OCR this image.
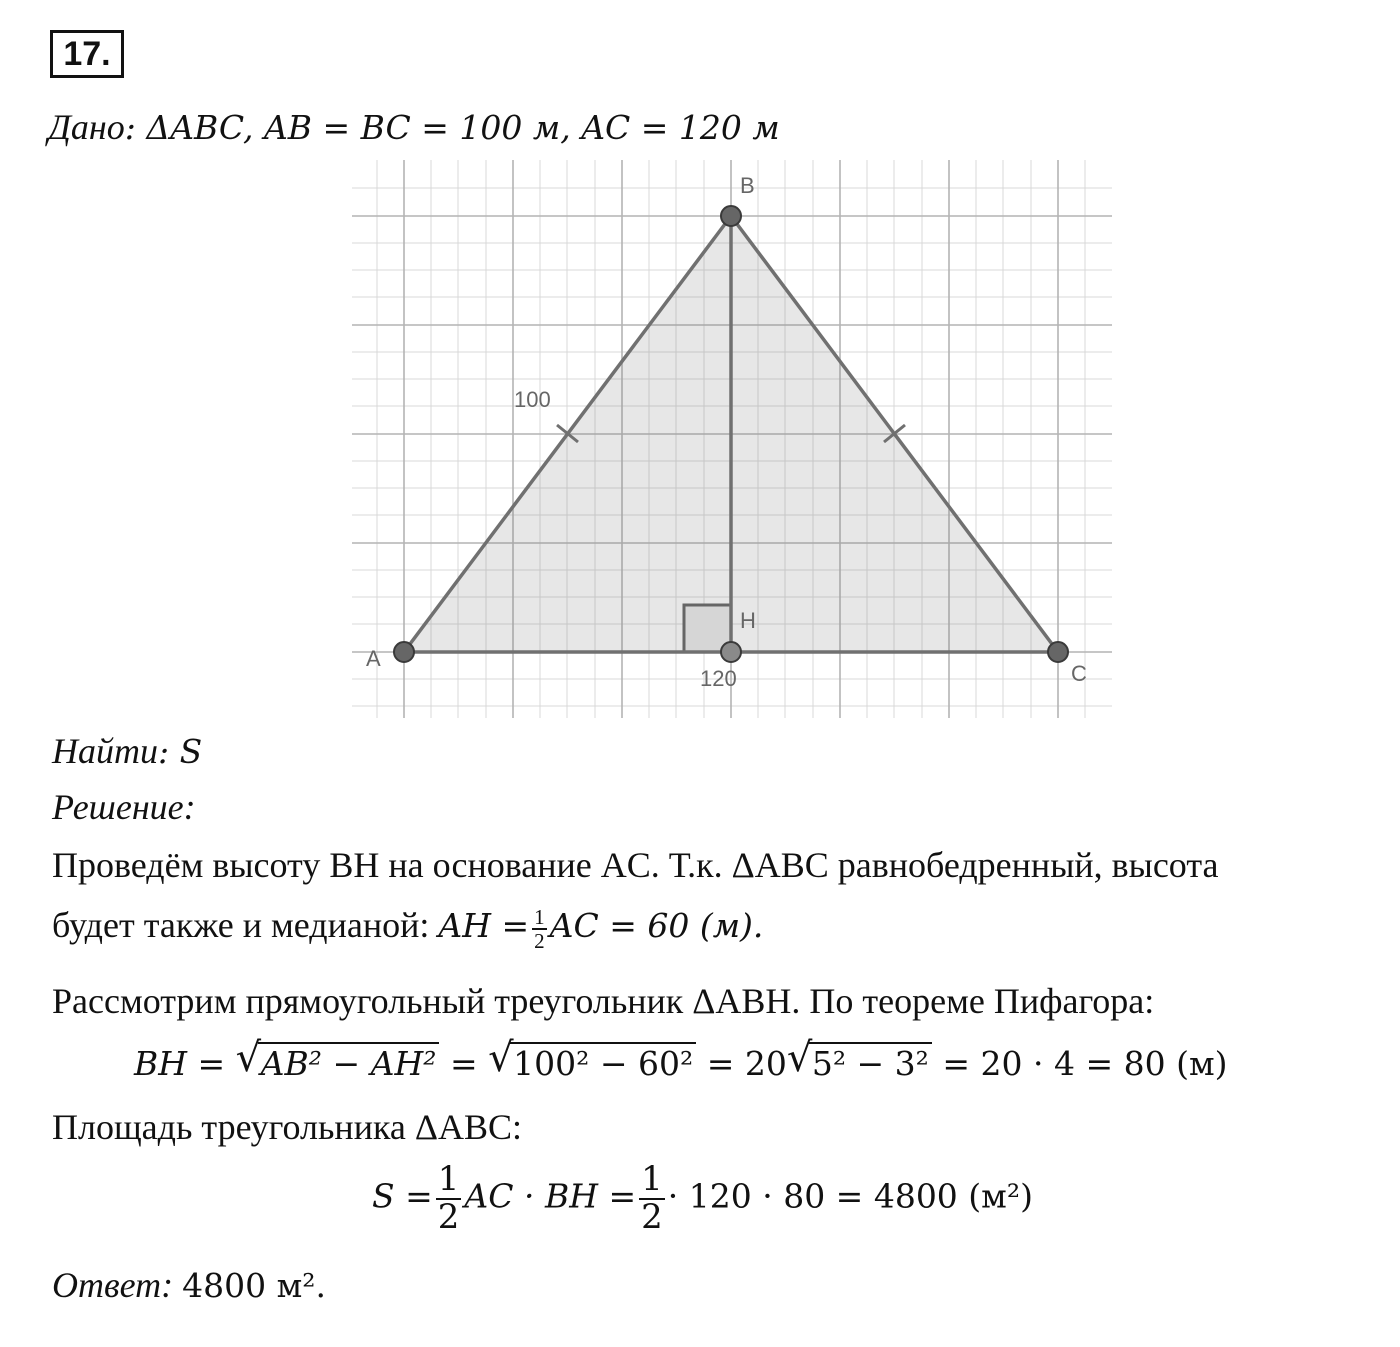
17.
Дано: ΔABC, AB = BC = 100 м, AC = 120 м
B
A
C
H
100
120
Найти: S
Решение:
Проведём высоту BH на основание AC. Т.к. ΔABC равнобедренный, высота
будет также и медианой: AH = $\frac{1}{2}$ AC = 60 (м).
Рассмотрим прямоугольный треугольник ΔABH. По теореме Пифагора:
BH = √ AB² − AH² = √ 100² − 60² = 20 √ 5² − 3² = 20 · 4 = 80 (м)
Площадь треугольника ΔABC:
$S = \frac{1}{2}$ AC · BH = $\frac{1}{2} \cdot 120 \cdot 80 = 4800$ (м²)
Ответ: 4800 м².
